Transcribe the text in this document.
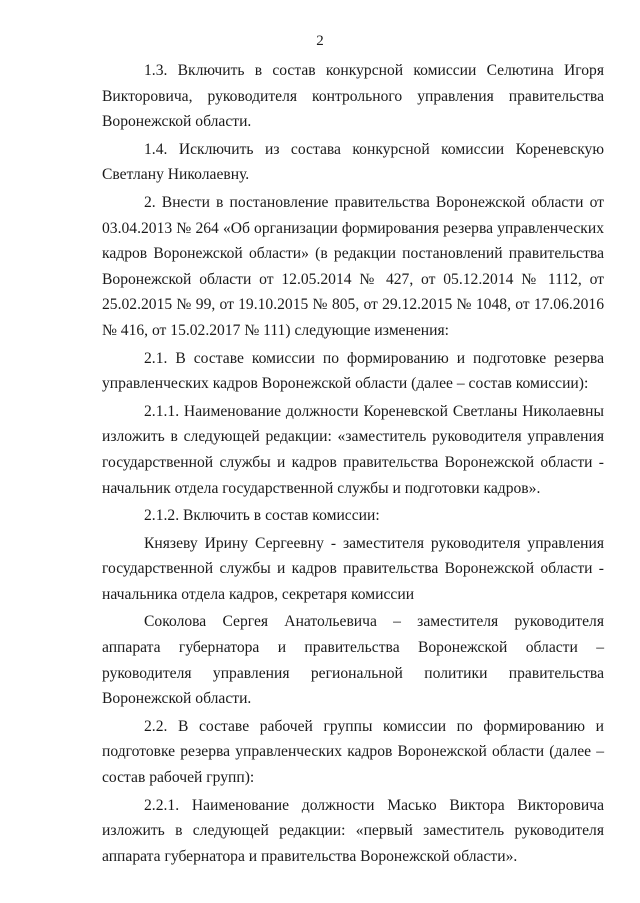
2

1.3. Включить в состав конкурсной комиссии Селютина Игоря Викторовича, руководителя контрольного управления правительства Воронежской области.

1.4. Исключить из состава конкурсной комиссии Кореневскую Светлану Николаевну.

2. Внести в постановление правительства Воронежской области от 03.04.2013 № 264 «Об организации формирования резерва управленческих кадров Воронежской области» (в редакции постановлений правительства Воронежской области от 12.05.2014 № 427, от 05.12.2014 № 1112, от 25.02.2015 № 99, от 19.10.2015 № 805, от 29.12.2015 № 1048, от 17.06.2016 № 416, от 15.02.2017 № 111) следующие изменения:

2.1. В составе комиссии по формированию и подготовке резерва управленческих кадров Воронежской области (далее – состав комиссии):

2.1.1. Наименование должности Кореневской Светланы Николаевны изложить в следующей редакции: «заместитель руководителя управления государственной службы и кадров правительства Воронежской области - начальник отдела государственной службы и подготовки кадров».

2.1.2. Включить в состав комиссии:

Князеву Ирину Сергеевну - заместителя руководителя управления государственной службы и кадров правительства Воронежской области - начальника отдела кадров, секретаря комиссии

Соколова Сергея Анатольевича – заместителя руководителя аппарата губернатора и правительства Воронежской области – руководителя управления региональной политики правительства Воронежской области.

2.2. В составе рабочей группы комиссии по формированию и подготовке резерва управленческих кадров Воронежской области (далее – состав рабочей групп):

2.2.1. Наименование должности Масько Виктора Викторовича изложить в следующей редакции: «первый заместитель руководителя аппарата губернатора и правительства Воронежской области».
